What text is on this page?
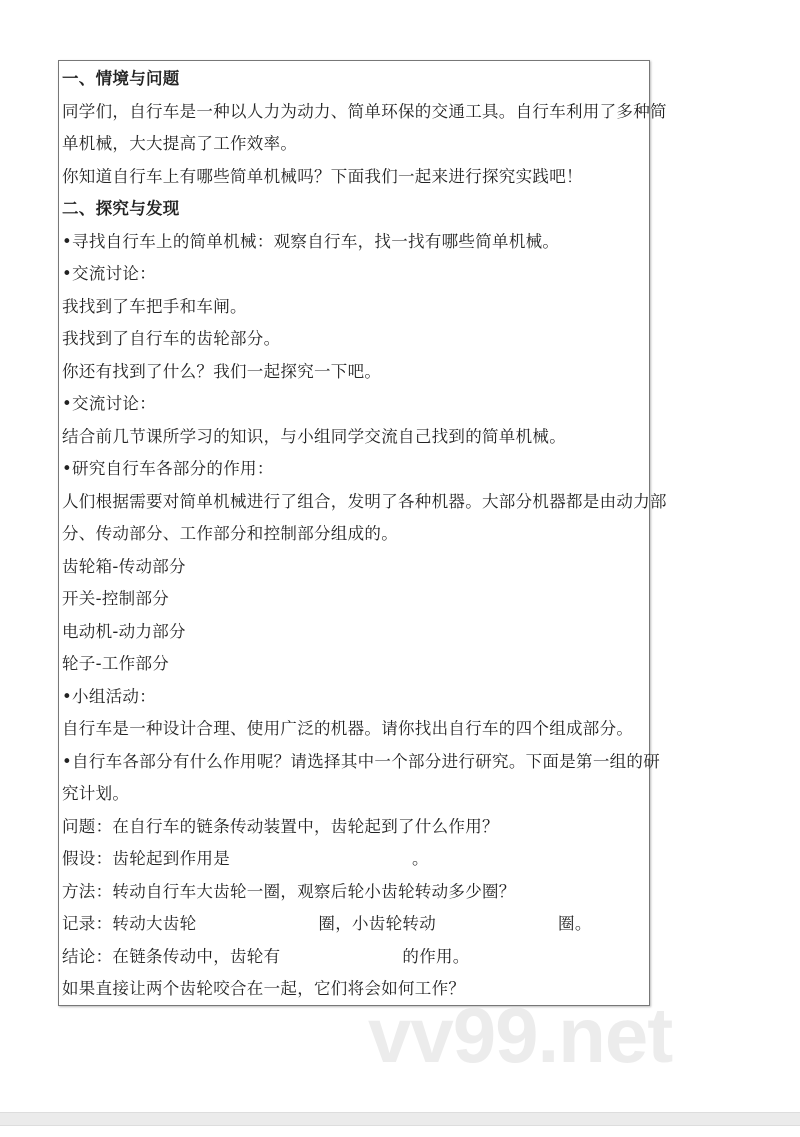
一、情境与问题
同学们，自行车是一种以人力为动力、简单环保的交通工具。自行车利用了多种简
单机械，大大提高了工作效率。
你知道自行车上有哪些简单机械吗？下面我们一起来进行探究实践吧！
二、探究与发现
•寻找自行车上的简单机械：观察自行车，找一找有哪些简单机械。
•交流讨论：
我找到了车把手和车闸。
我找到了自行车的齿轮部分。
你还有找到了什么？我们一起探究一下吧。
•交流讨论：
结合前几节课所学习的知识，与小组同学交流自己找到的简单机械。
•研究自行车各部分的作用：
人们根据需要对简单机械进行了组合，发明了各种机器。大部分机器都是由动力部
分、传动部分、工作部分和控制部分组成的。
齿轮箱-传动部分
开关-控制部分
电动机-动力部分
轮子-工作部分
•小组活动：
自行车是一种设计合理、使用广泛的机器。请你找出自行车的四个组成部分。
•自行车各部分有什么作用呢？请选择其中一个部分进行研究。下面是第一组的研
究计划。
问题：在自行车的链条传动装置中，齿轮起到了什么作用？
假设：齿轮起到作用是	。
方法：转动自行车大齿轮一圈，观察后轮小齿轮转动多少圈？
记录：转动大齿轮	圈，小齿轮转动	圈。
结论：在链条传动中，齿轮有	的作用。
如果直接让两个齿轮咬合在一起，它们将会如何工作？
vv99.net
